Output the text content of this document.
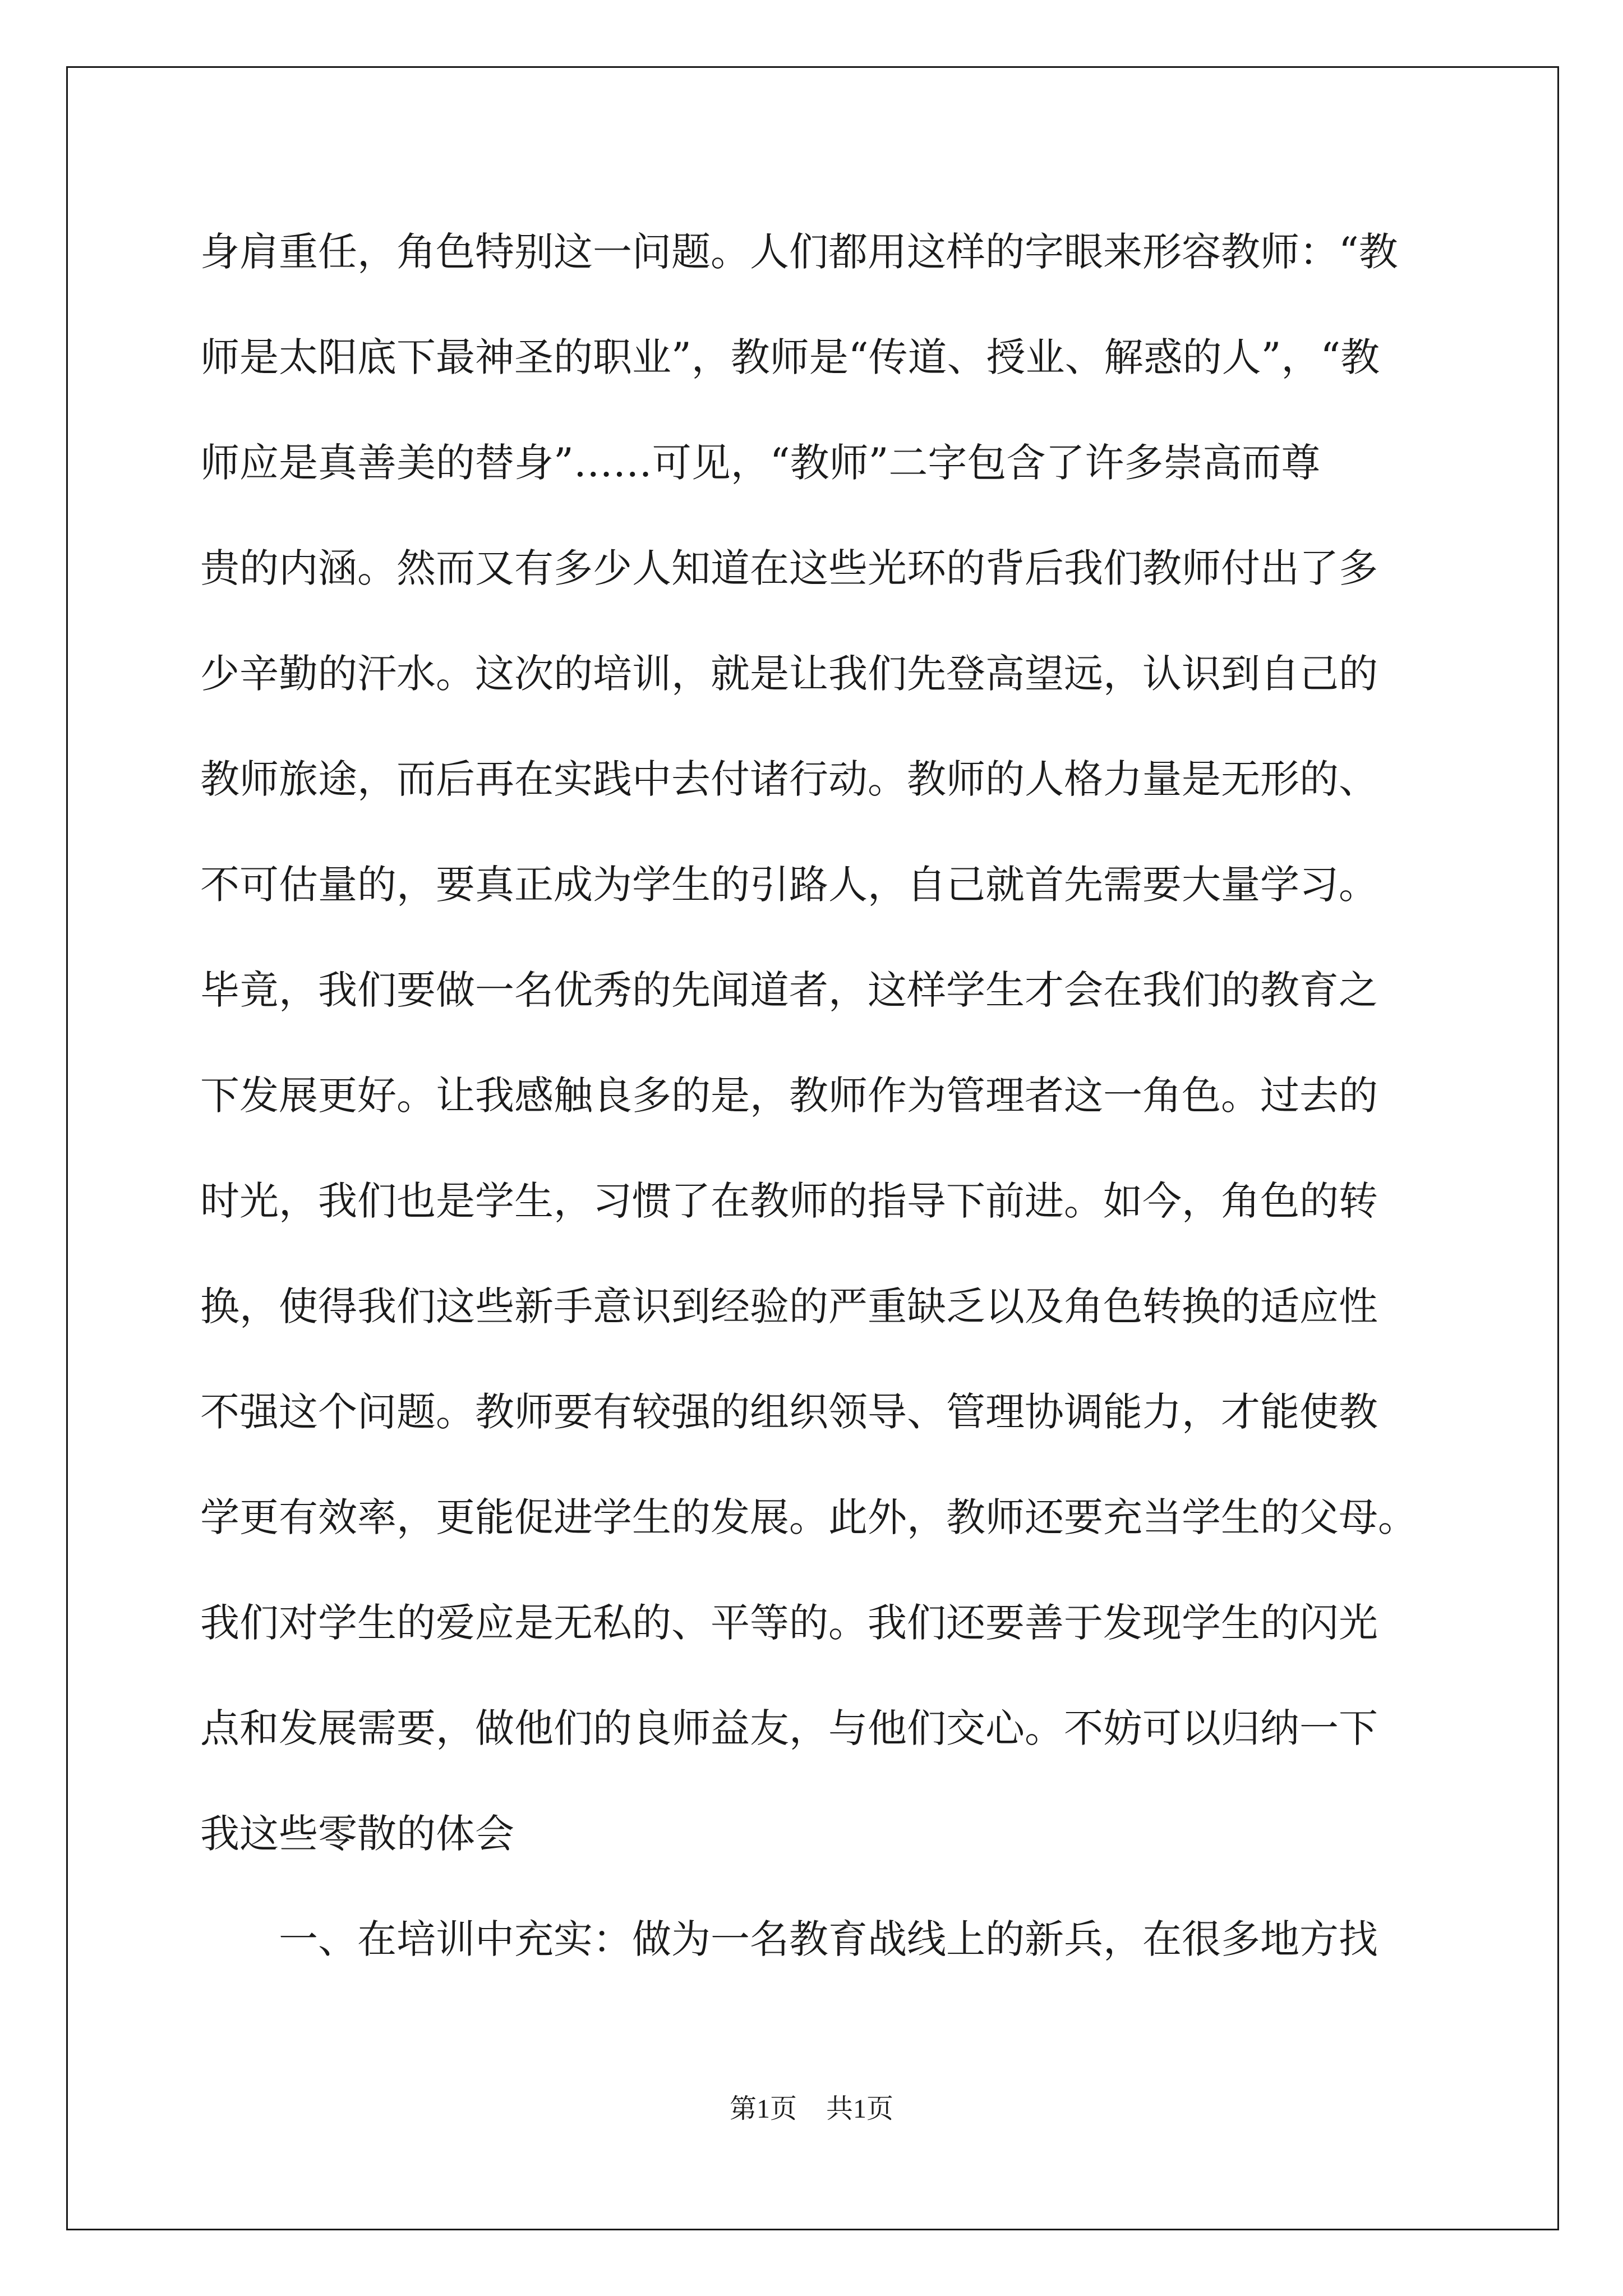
身肩重任，角色特别这一问题。人们都用这样的字眼来形容教师：“教
师是太阳底下最神圣的职业”，教师是“传道、授业、解惑的人”，“教
师应是真善美的替身”……可见，“教师”二字包含了许多崇高而尊
贵的内涵。然而又有多少人知道在这些光环的背后我们教师付出了多
少辛勤的汗水。这次的培训，就是让我们先登高望远，认识到自己的
教师旅途，而后再在实践中去付诸行动。教师的人格力量是无形的、
不可估量的，要真正成为学生的引路人，自己就首先需要大量学习。
毕竟，我们要做一名优秀的先闻道者，这样学生才会在我们的教育之
下发展更好。让我感触良多的是，教师作为管理者这一角色。过去的
时光，我们也是学生，习惯了在教师的指导下前进。如今，角色的转
换，使得我们这些新手意识到经验的严重缺乏以及角色转换的适应性
不强这个问题。教师要有较强的组织领导、管理协调能力，才能使教
学更有效率，更能促进学生的发展。此外，教师还要充当学生的父母。
我们对学生的爱应是无私的、平等的。我们还要善于发现学生的闪光
点和发展需要，做他们的良师益友，与他们交心。不妨可以归纳一下
我这些零散的体会
一、在培训中充实：做为一名教育战线上的新兵，在很多地方找
第1页 共1页
